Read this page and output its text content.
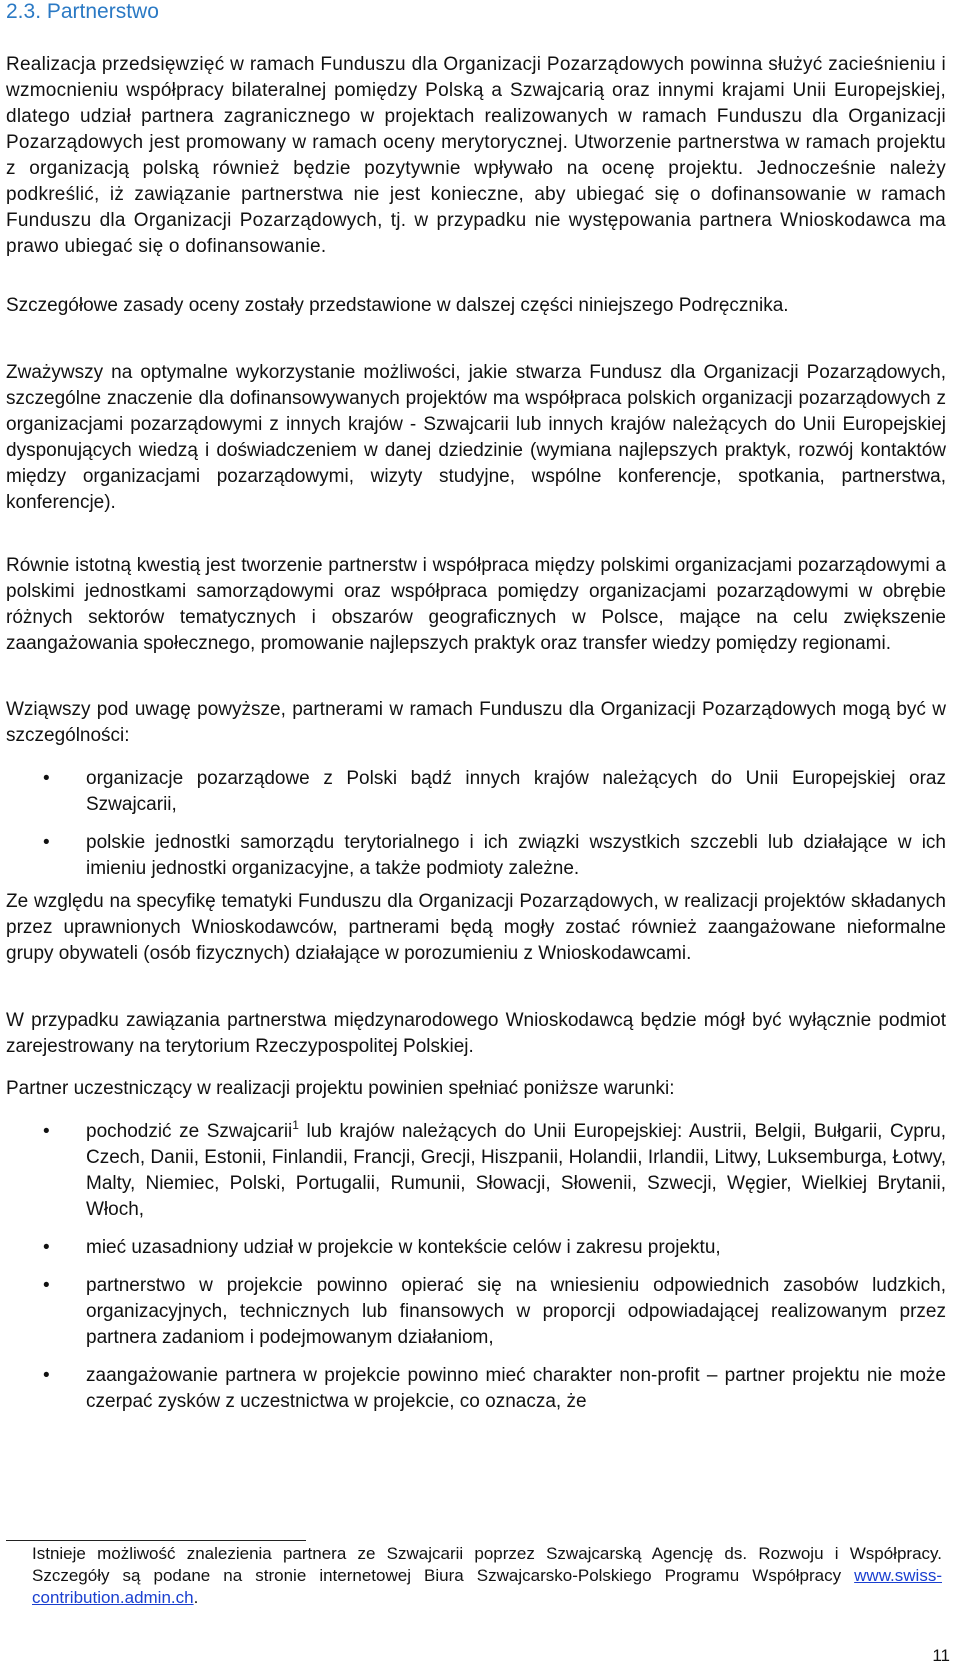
2.3. Partnerstwo

Realizacja przedsięwzięć w ramach Funduszu dla Organizacji Pozarządowych powinna służyć zacieśnieniu i wzmocnieniu współpracy bilateralnej pomiędzy Polską a Szwajcarią oraz innymi krajami Unii Europejskiej, dlatego udział partnera zagranicznego w projektach realizowanych w ramach Funduszu dla Organizacji Pozarządowych jest promowany w ramach oceny merytorycznej. Utworzenie partnerstwa w ramach projektu z organizacją polską również będzie pozytywnie wpływało na ocenę projektu. Jednocześnie należy podkreślić, iż zawiązanie partnerstwa nie jest konieczne, aby ubiegać się o dofinansowanie w ramach Funduszu dla Organizacji Pozarządowych, tj. w przypadku nie występowania partnera Wnioskodawca ma prawo ubiegać się o dofinansowanie.

Szczegółowe zasady oceny zostały przedstawione w dalszej części niniejszego Podręcznika.

Zważywszy na optymalne wykorzystanie możliwości, jakie stwarza Fundusz dla Organizacji Pozarządowych, szczególne znaczenie dla dofinansowywanych projektów ma współpraca polskich organizacji pozarządowych z organizacjami pozarządowymi z innych krajów - Szwajcarii lub innych krajów należących do Unii Europejskiej dysponujących wiedzą i doświadczeniem w danej dziedzinie (wymiana najlepszych praktyk, rozwój kontaktów między organizacjami pozarządowymi, wizyty studyjne, wspólne konferencje, spotkania, partnerstwa, konferencje).

Równie istotną kwestią jest tworzenie partnerstw i współpraca między polskimi organizacjami pozarządowymi a polskimi jednostkami samorządowymi oraz współpraca pomiędzy organizacjami pozarządowymi w obrębie różnych sektorów tematycznych i obszarów geograficznych w Polsce, mające na celu zwiększenie zaangażowania społecznego, promowanie najlepszych praktyk oraz transfer wiedzy pomiędzy regionami.

Wziąwszy pod uwagę powyższe, partnerami w ramach Funduszu dla Organizacji Pozarządowych mogą być w szczególności:

• organizacje pozarządowe z Polski bądź innych krajów należących do Unii Europejskiej oraz Szwajcarii,
• polskie jednostki samorządu terytorialnego i ich związki wszystkich szczebli lub działające w ich imieniu jednostki organizacyjne, a także podmioty zależne.

Ze względu na specyfikę tematyki Funduszu dla Organizacji Pozarządowych, w realizacji projektów składanych przez uprawnionych Wnioskodawców, partnerami będą mogły zostać również zaangażowane nieformalne grupy obywateli (osób fizycznych) działające w porozumieniu z Wnioskodawcami.

W przypadku zawiązania partnerstwa międzynarodowego Wnioskodawcą będzie mógł być wyłącznie podmiot zarejestrowany na terytorium Rzeczypospolitej Polskiej.

Partner uczestniczący w realizacji projektu powinien spełniać poniższe warunki:

• pochodzić ze Szwajcarii$^1$ lub krajów należących do Unii Europejskiej: Austrii, Belgii, Bułgarii, Cypru, Czech, Danii, Estonii, Finlandii, Francji, Grecji, Hiszpanii, Holandii, Irlandii, Litwy, Luksemburga, Łotwy, Malty, Niemiec, Polski, Portugalii, Rumunii, Słowacji, Słowenii, Szwecji, Węgier, Wielkiej Brytanii, Włoch,
• mieć uzasadniony udział w projekcie w kontekście celów i zakresu projektu,
• partnerstwo w projekcie powinno opierać się na wniesieniu odpowiednich zasobów ludzkich, organizacyjnych, technicznych lub finansowych w proporcji odpowiadającej realizowanym przez partnera zadaniom i podejmowanym działaniom,
• zaangażowanie partnera w projekcie powinno mieć charakter non-profit – partner projektu nie może czerpać zysków z uczestnictwa w projekcie, co oznacza, że

Istnieje możliwość znalezienia partnera ze Szwajcarii poprzez Szwajcarską Agencję ds. Rozwoju i Współpracy. Szczegóły są podane na stronie internetowej Biura Szwajcarsko-Polskiego Programu Współpracy www.swiss-contribution.admin.ch.

11
